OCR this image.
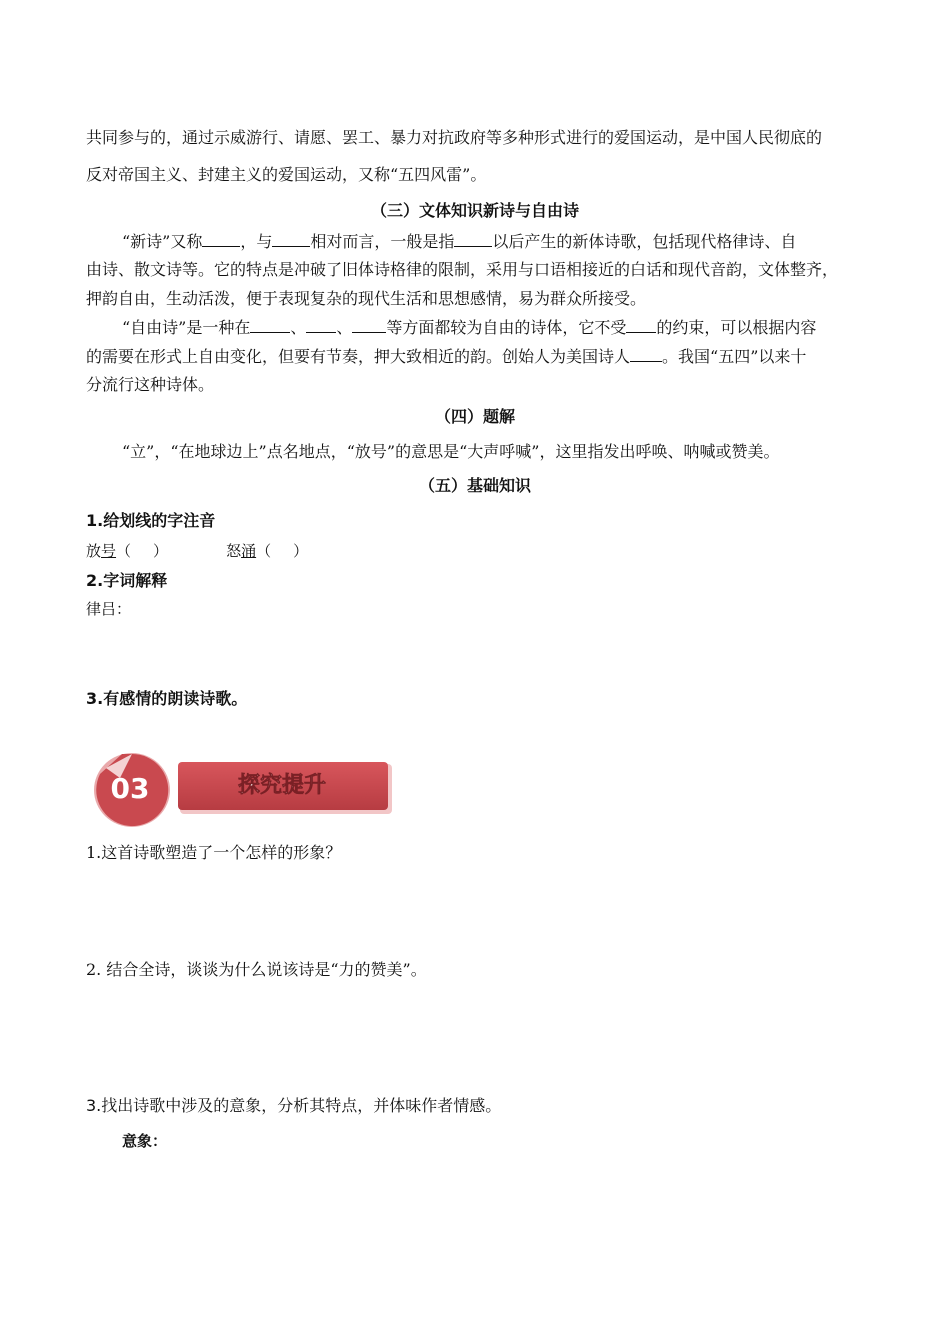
共同参与的，通过示威游行、请愿、罢工、暴力对抗政府等多种形式进行的爱国运动，是中国人民彻底的
反对帝国主义、封建主义的爱国运动，又称“五四风雷”。
（三）文体知识新诗与自由诗
“新诗”又称 ，与 相对而言，一般是指 以后产生的新体诗歌，包括现代格律诗、自
由诗、散文诗等。它的特点是冲破了旧体诗格律的限制，采用与口语相接近的白话和现代音韵，文体整齐，
押韵自由，生动活泼，便于表现复杂的现代生活和思想感情，易为群众所接受。
“自由诗”是一种在	、 、 等方面都较为自由的诗体，它不受 的约束，可以根据内容
的需要在形式上自由变化，但要有节奏，押大致相近的韵。创始人为美国诗人 。我国“五四”以来十
分流行这种诗体。
（四）题解
“立”，“在地球边上”点名地点，“放号”的意思是“大声呼喊”，这里指发出呼唤、呐喊或赞美。
（五）基础知识
1.给划线的字注音
放号（ ）	怒涌（ ）
2.字词解释
律吕：
3.有感情的朗读诗歌。
03	探究提升
1.这首诗歌塑造了一个怎样的形象？
2. 结合全诗，谈谈为什么说该诗是“力的赞美”。
3.找出诗歌中涉及的意象，分析其特点，并体味作者情感。
意象：
